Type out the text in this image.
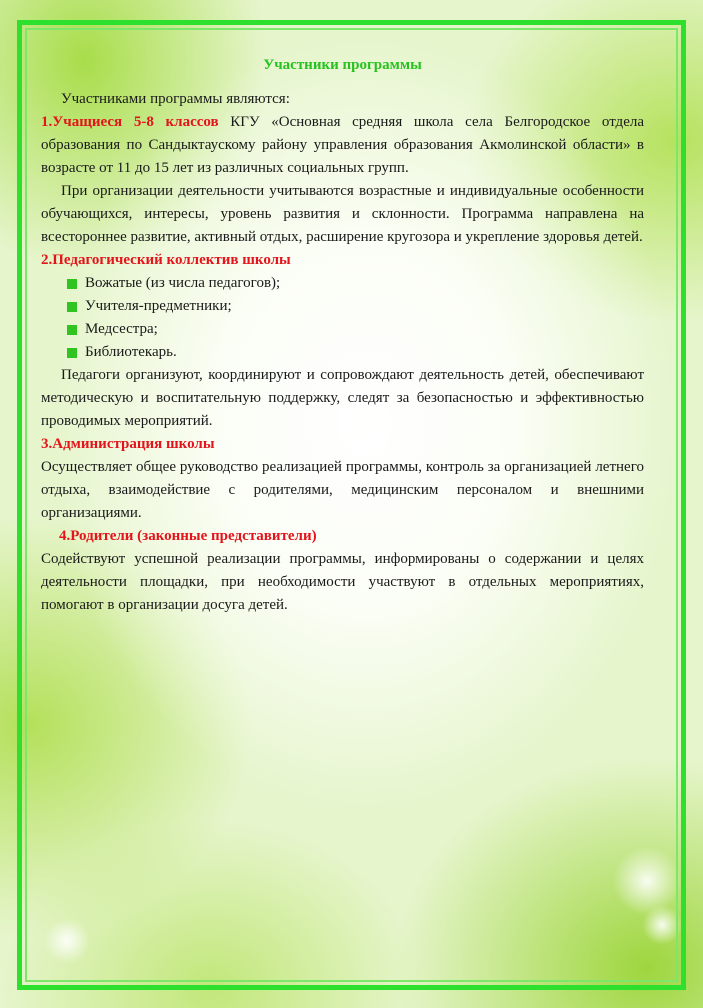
Участники программы

Участниками программы являются:

1.Учащиеся 5-8 классов КГУ «Основная средняя школа села Белгородское отдела образования по Сандыктаускому району управления образования Акмолинской области» в возрасте от 11 до 15 лет из различных социальных групп.

При организации деятельности учитываются возрастные и индивидуальные особенности обучающихся, интересы, уровень развития и склонности. Программа направлена на всестороннее развитие, активный отдых, расширение кругозора и укрепление здоровья детей.

2.Педагогический коллектив школы
Вожатые (из числа педагогов);
Учителя-предметники;
Медсестра;
Библиотекарь.

Педагоги организуют, координируют и сопровождают деятельность детей, обеспечивают методическую и воспитательную поддержку, следят за безопасностью и эффективностью проводимых мероприятий.

3.Администрация школы

Осуществляет общее руководство реализацией программы, контроль за организацией летнего отдыха, взаимодействие с родителями, медицинским персоналом и внешними организациями.

4.Родители (законные представители)

Содействуют успешной реализации программы, информированы о содержании и целях деятельности площадки, при необходимости участвуют в отдельных мероприятиях, помогают в организации досуга детей.
